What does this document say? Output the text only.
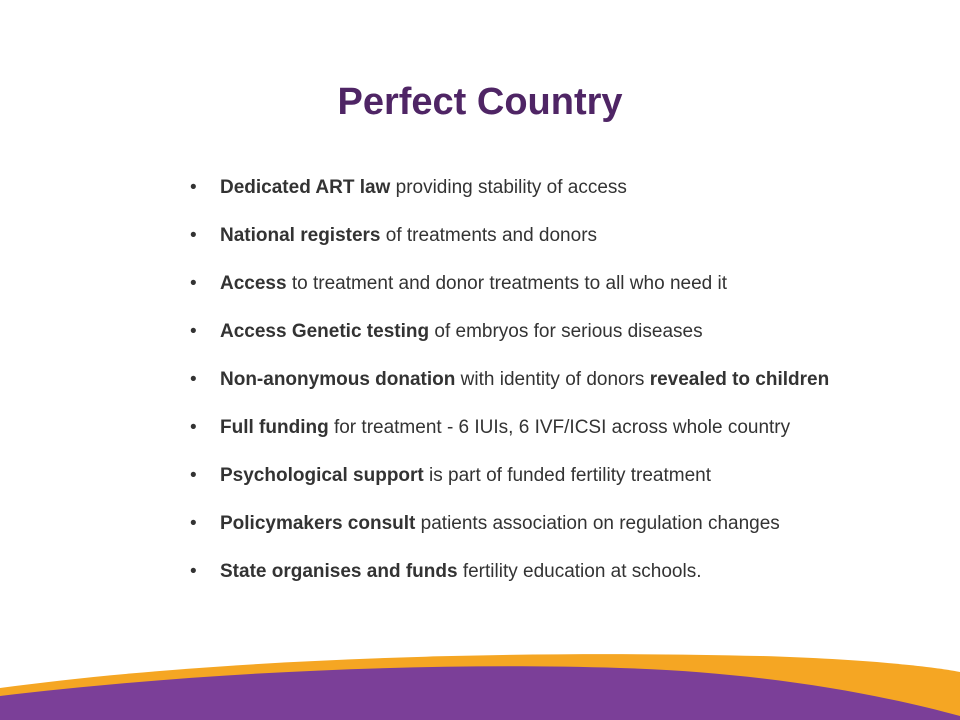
Perfect Country
• Dedicated ART law providing stability of access
• National registers of treatments and donors
• Access to treatment and donor treatments to all who need it
• Access Genetic testing of embryos for serious diseases
• Non-anonymous donation with identity of donors revealed to children
• Full funding for treatment - 6 IUIs, 6 IVF/ICSI across whole country
• Psychological support is part of funded fertility treatment
• Policymakers consult patients association on regulation changes
• State organises and funds fertility education at schools.
